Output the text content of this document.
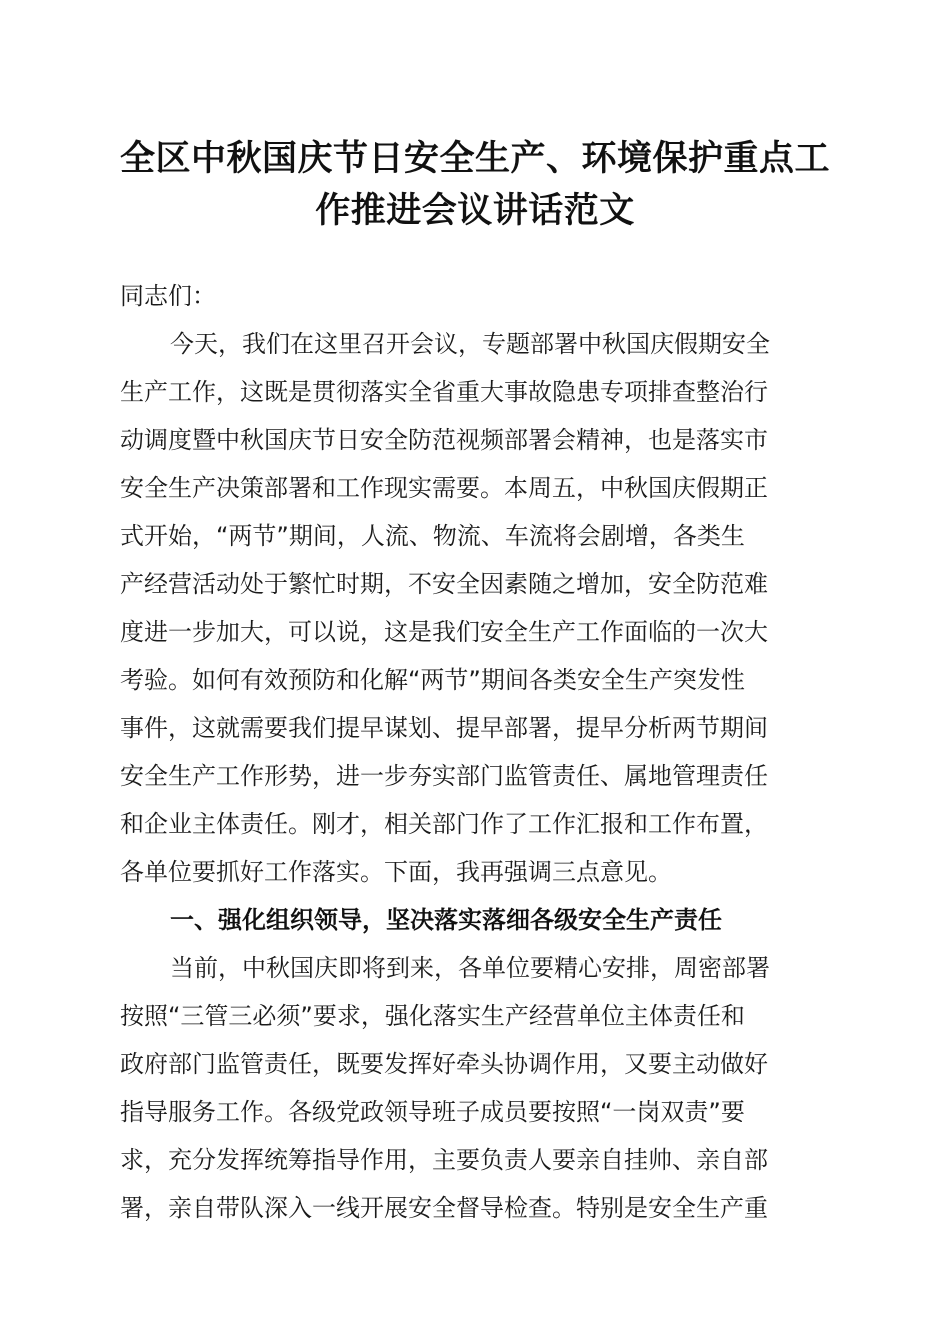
全区中秋国庆节日安全生产、环境保护重点工
作推进会议讲话范文
同志们：
今天，我们在这里召开会议，专题部署中秋国庆假期安全
生产工作，这既是贯彻落实全省重大事故隐患专项排查整治行
动调度暨中秋国庆节日安全防范视频部署会精神，也是落实市
安全生产决策部署和工作现实需要。本周五，中秋国庆假期正
式开始，“两节”期间，人流、物流、车流将会剧增，各类生
产经营活动处于繁忙时期，不安全因素随之增加，安全防范难
度进一步加大，可以说，这是我们安全生产工作面临的一次大
考验。如何有效预防和化解“两节”期间各类安全生产突发性
事件，这就需要我们提早谋划、提早部署，提早分析两节期间
安全生产工作形势，进一步夯实部门监管责任、属地管理责任
和企业主体责任。刚才，相关部门作了工作汇报和工作布置，
各单位要抓好工作落实。下面，我再强调三点意见。
一、强化组织领导，坚决落实落细各级安全生产责任
当前，中秋国庆即将到来，各单位要精心安排，周密部署
按照“三管三必须”要求，强化落实生产经营单位主体责任和
政府部门监管责任，既要发挥好牵头协调作用，又要主动做好
指导服务工作。各级党政领导班子成员要按照“一岗双责”要
求，充分发挥统筹指导作用，主要负责人要亲自挂帅、亲自部
署，亲自带队深入一线开展安全督导检查。特别是安全生产重
